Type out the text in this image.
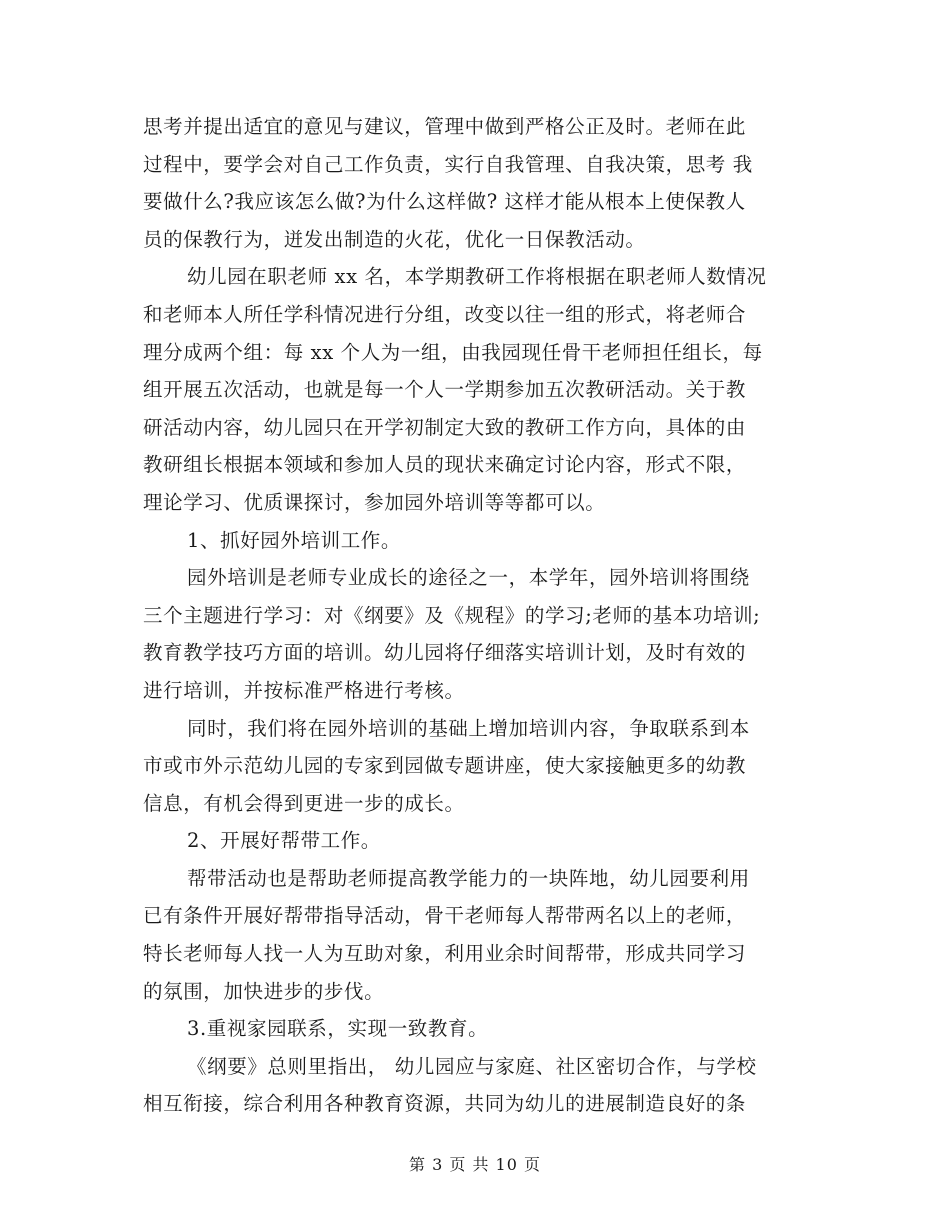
思考并提出适宜的意见与建议，管理中做到严格公正及时。老师在此
过程中，要学会对自己工作负责，实行自我管理、自我决策，思考 我
要做什么?我应该怎么做?为什么这样做? 这样才能从根本上使保教人
员的保教行为，迸发出制造的火花，优化一日保教活动。
幼儿园在职老师 xx 名，本学期教研工作将根据在职老师人数情况
和老师本人所任学科情况进行分组，改变以往一组的形式，将老师合
理分成两个组：每 xx 个人为一组，由我园现任骨干老师担任组长，每
组开展五次活动，也就是每一个人一学期参加五次教研活动。关于教
研活动内容，幼儿园只在开学初制定大致的教研工作方向，具体的由
教研组长根据本领域和参加人员的现状来确定讨论内容，形式不限，
理论学习、优质课探讨，参加园外培训等等都可以。
1、抓好园外培训工作。
园外培训是老师专业成长的途径之一，本学年，园外培训将围绕
三个主题进行学习：对《纲要》及《规程》的学习;老师的基本功培训;
教育教学技巧方面的培训。幼儿园将仔细落实培训计划，及时有效的
进行培训，并按标准严格进行考核。
同时，我们将在园外培训的基础上增加培训内容，争取联系到本
市或市外示范幼儿园的专家到园做专题讲座，使大家接触更多的幼教
信息，有机会得到更进一步的成长。
2、开展好帮带工作。
帮带活动也是帮助老师提高教学能力的一块阵地，幼儿园要利用
已有条件开展好帮带指导活动，骨干老师每人帮带两名以上的老师，
特长老师每人找一人为互助对象，利用业余时间帮带，形成共同学习
的氛围，加快进步的步伐。
3.重视家园联系，实现一致教育。
《纲要》总则里指出， 幼儿园应与家庭、社区密切合作，与学校
相互衔接，综合利用各种教育资源，共同为幼儿的进展制造良好的条
第 3 页 共 10 页
